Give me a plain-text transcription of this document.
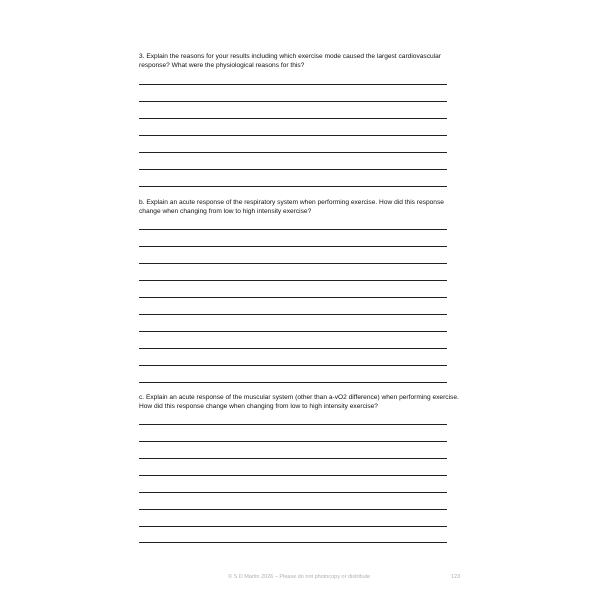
3. Explain the reasons for your results including which exercise mode caused the largest cardiovascular response? What were the physiological reasons for this?

b. Explain an acute response of the respiratory system when performing exercise. How did this response change when changing from low to high intensity exercise?

c. Explain an acute response of the muscular system (other than a-vO2 difference) when performing exercise. How did this response change when changing from low to high intensity exercise?

© S D Martin 2026 – Please do not photocopy or distribute	123
